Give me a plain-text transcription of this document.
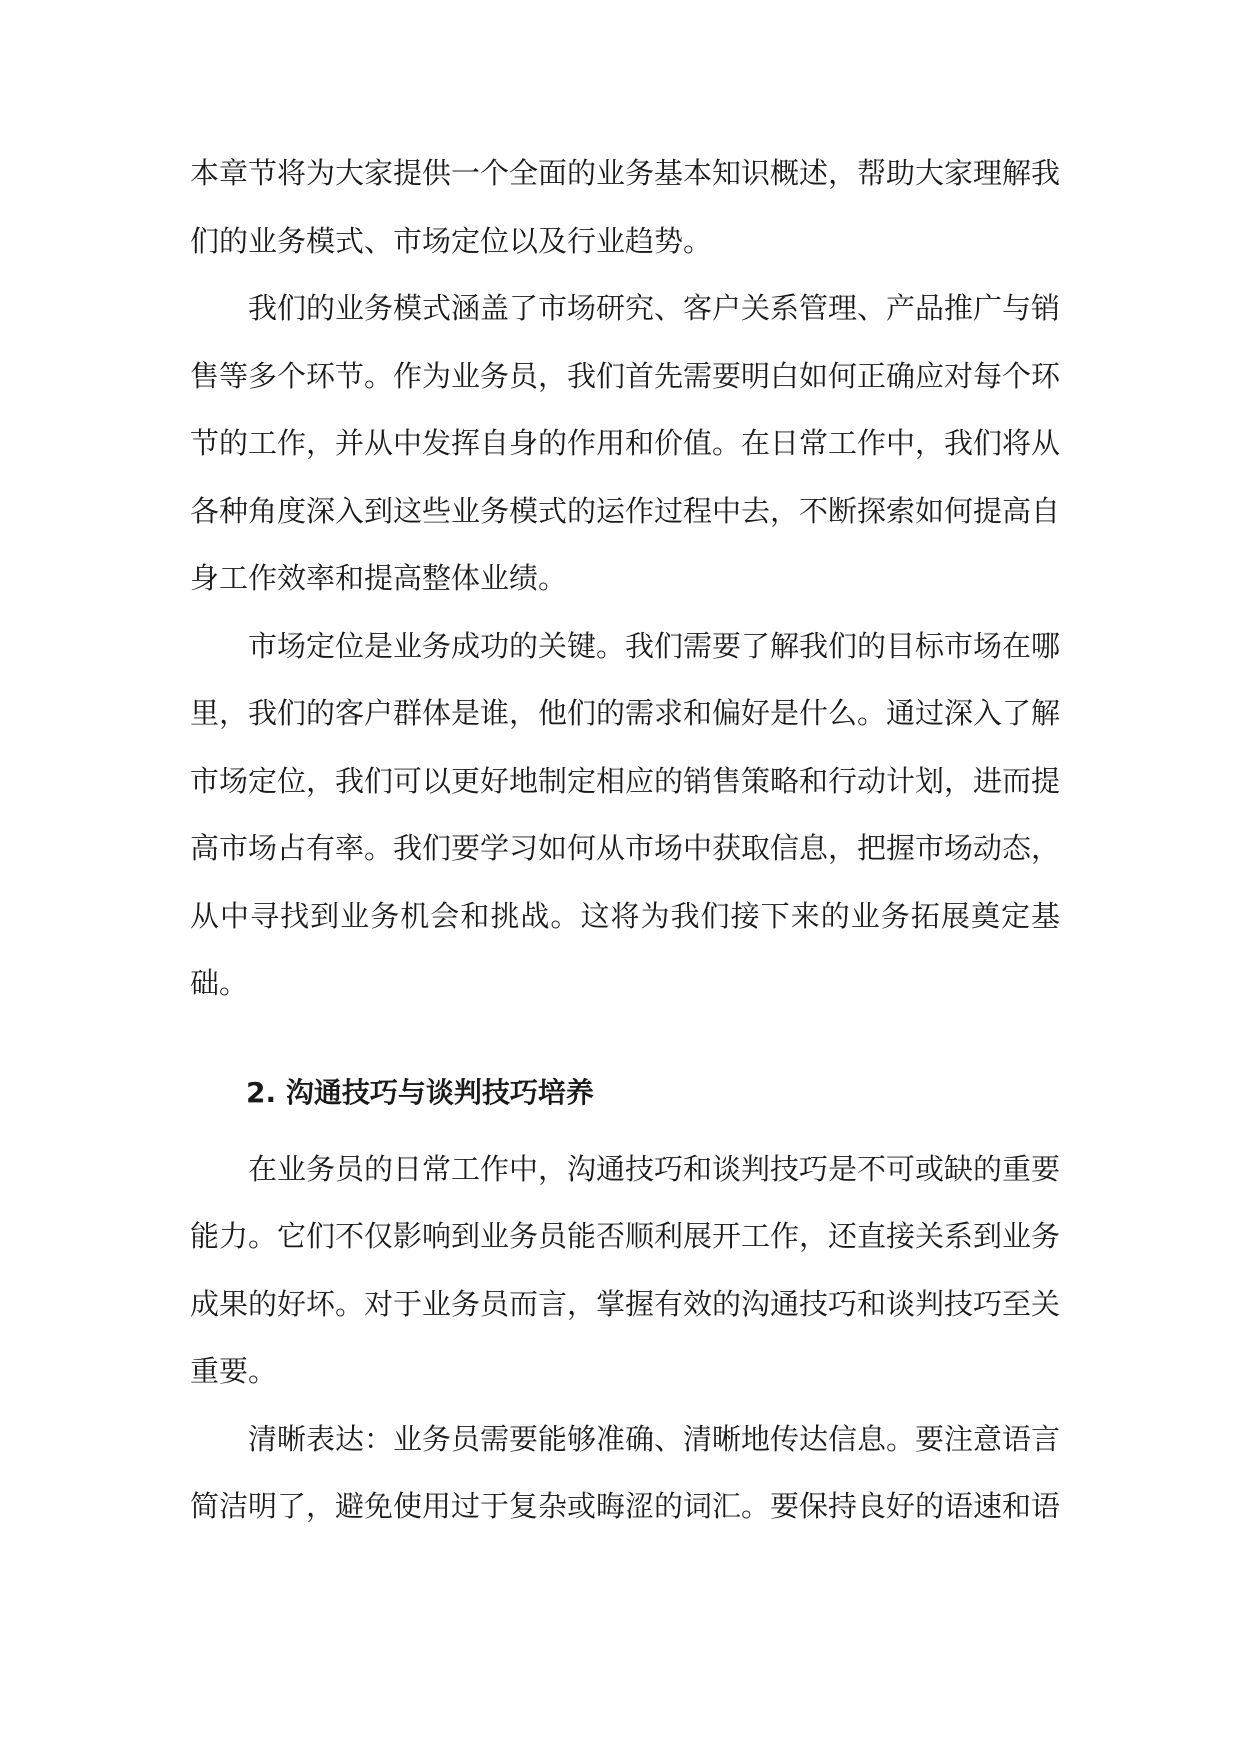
本章节将为大家提供一个全面的业务基本知识概述，帮助大家理解我们的业务模式、市场定位以及行业趋势。

我们的业务模式涵盖了市场研究、客户关系管理、产品推广与销售等多个环节。作为业务员，我们首先需要明白如何正确应对每个环节的工作，并从中发挥自身的作用和价值。在日常工作中，我们将从各种角度深入到这些业务模式的运作过程中去，不断探索如何提高自身工作效率和提高整体业绩。

市场定位是业务成功的关键。我们需要了解我们的目标市场在哪里，我们的客户群体是谁，他们的需求和偏好是什么。通过深入了解市场定位，我们可以更好地制定相应的销售策略和行动计划，进而提高市场占有率。我们要学习如何从市场中获取信息，把握市场动态，从中寻找到业务机会和挑战。这将为我们接下来的业务拓展奠定基础。

2. 沟通技巧与谈判技巧培养

在业务员的日常工作中，沟通技巧和谈判技巧是不可或缺的重要能力。它们不仅影响到业务员能否顺利展开工作，还直接关系到业务成果的好坏。对于业务员而言，掌握有效的沟通技巧和谈判技巧至关重要。

清晰表达：业务员需要能够准确、清晰地传达信息。要注意语言简洁明了，避免使用过于复杂或晦涩的词汇。要保持良好的语速和语
